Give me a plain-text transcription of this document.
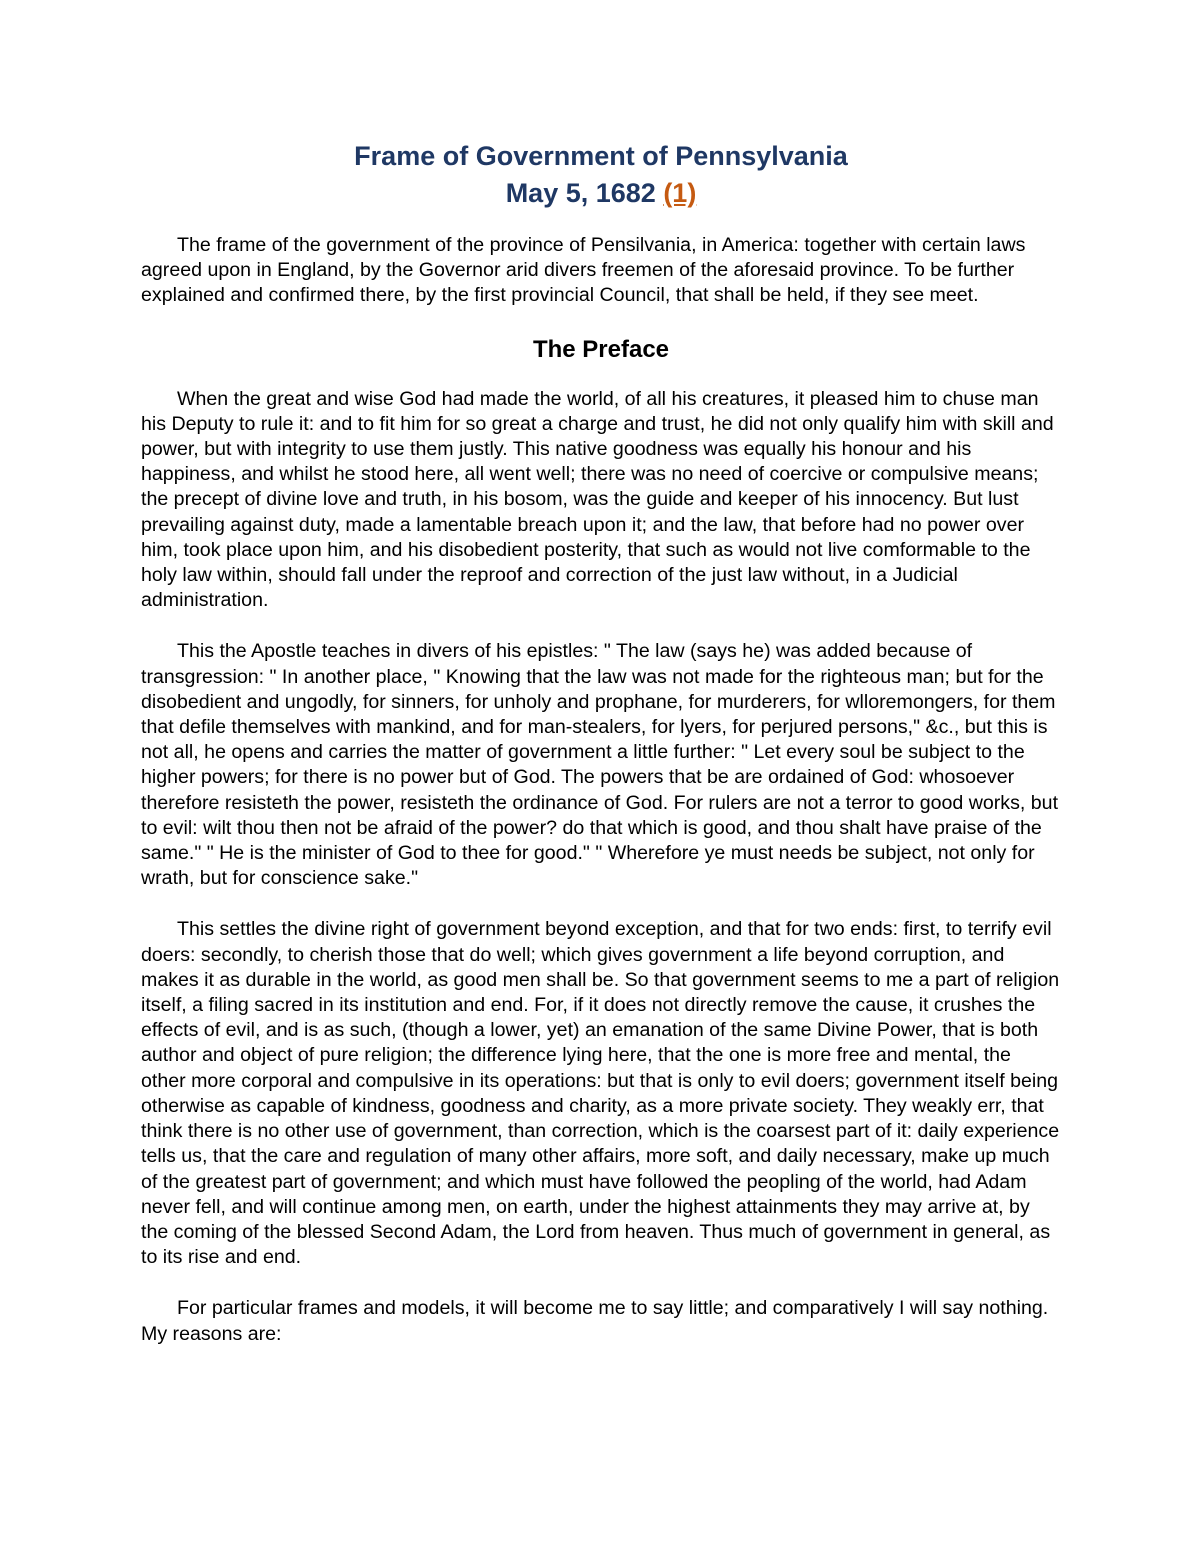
Frame of Government of Pennsylvania
May 5, 1682 (1)

The frame of the government of the province of Pensilvania, in America: together with certain laws agreed upon in England, by the Governor arid divers freemen of the aforesaid province. To be further explained and confirmed there, by the first provincial Council, that shall be held, if they see meet.

The Preface

When the great and wise God had made the world, of all his creatures, it pleased him to chuse man his Deputy to rule it: and to fit him for so great a charge and trust, he did not only qualify him with skill and power, but with integrity to use them justly. This native goodness was equally his honour and his happiness, and whilst he stood here, all went well; there was no need of coercive or compulsive means; the precept of divine love and truth, in his bosom, was the guide and keeper of his innocency. But lust prevailing against duty, made a lamentable breach upon it; and the law, that before had no power over him, took place upon him, and his disobedient posterity, that such as would not live comformable to the holy law within, should fall under the reproof and correction of the just law without, in a Judicial administration.

This the Apostle teaches in divers of his epistles: " The law (says he) was added because of transgression: " In another place, " Knowing that the law was not made for the righteous man; but for the disobedient and ungodly, for sinners, for unholy and prophane, for murderers, for wlloremongers, for them that defile themselves with mankind, and for man-stealers, for lyers, for perjured persons," &c., but this is not all, he opens and carries the matter of government a little further: " Let every soul be subject to the higher powers; for there is no power but of God. The powers that be are ordained of God: whosoever therefore resisteth the power, resisteth the ordinance of God. For rulers are not a terror to good works, but to evil: wilt thou then not be afraid of the power? do that which is good, and thou shalt have praise of the same." " He is the minister of God to thee for good." " Wherefore ye must needs be subject, not only for wrath, but for conscience sake."

This settles the divine right of government beyond exception, and that for two ends: first, to terrify evil doers: secondly, to cherish those that do well; which gives government a life beyond corruption, and makes it as durable in the world, as good men shall be. So that government seems to me a part of religion itself, a filing sacred in its institution and end. For, if it does not directly remove the cause, it crushes the effects of evil, and is as such, (though a lower, yet) an emanation of the same Divine Power, that is both author and object of pure religion; the difference lying here, that the one is more free and mental, the other more corporal and compulsive in its operations: but that is only to evil doers; government itself being otherwise as capable of kindness, goodness and charity, as a more private society. They weakly err, that think there is no other use of government, than correction, which is the coarsest part of it: daily experience tells us, that the care and regulation of many other affairs, more soft, and daily necessary, make up much of the greatest part of government; and which must have followed the peopling of the world, had Adam never fell, and will continue among men, on earth, under the highest attainments they may arrive at, by the coming of the blessed Second Adam, the Lord from heaven. Thus much of government in general, as to its rise and end.

For particular frames and models, it will become me to say little; and comparatively I will say nothing. My reasons are:
